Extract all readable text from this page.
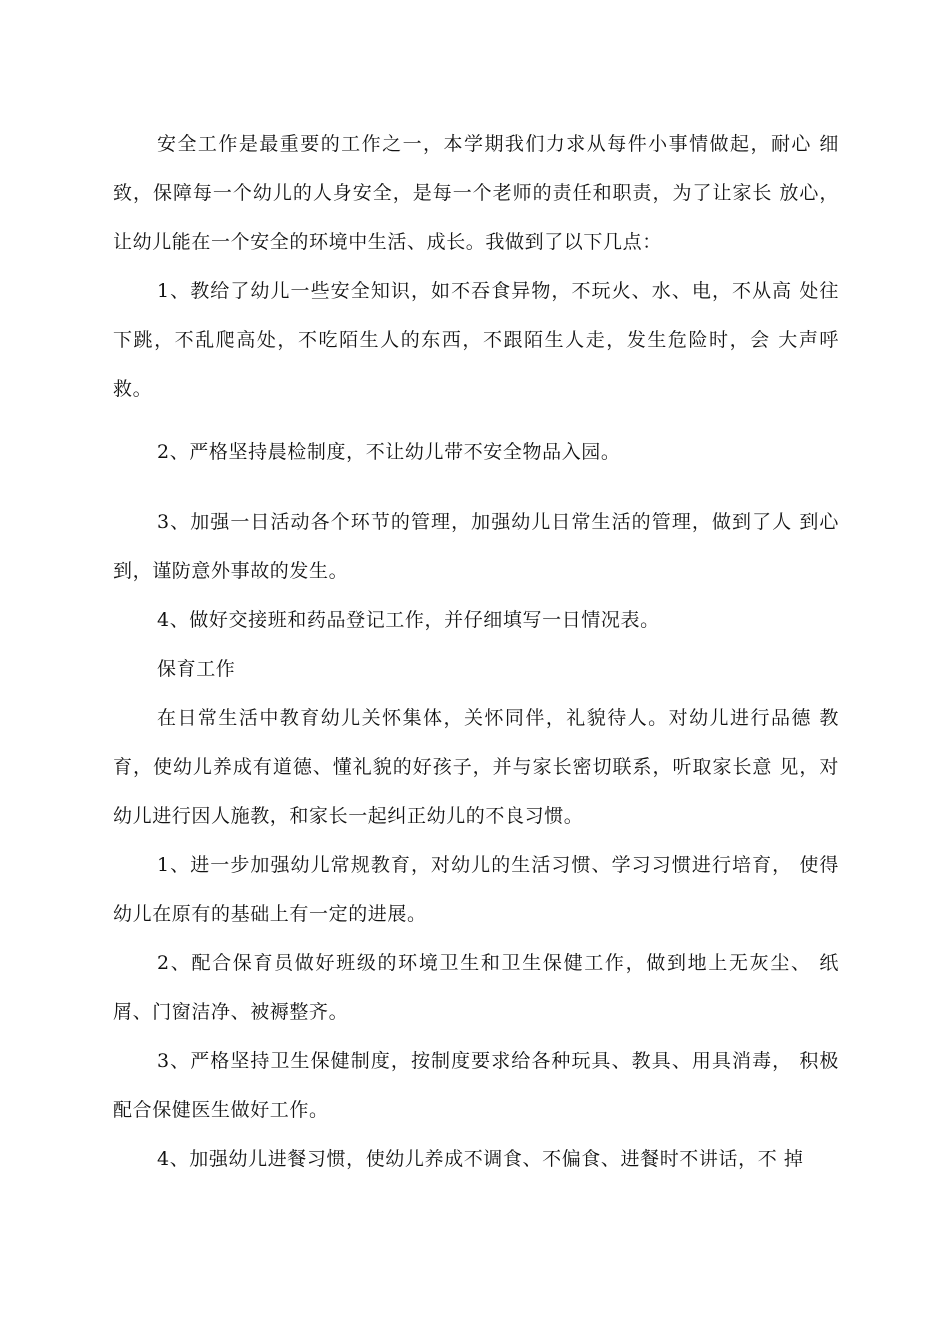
安全工作是最重要的工作之一，本学期我们力求从每件小事情做起，耐心 细致，保障每一个幼儿的人身安全，是每一个老师的责任和职责，为了让家长 放心，让幼儿能在一个安全的环境中生活、成长。我做到了以下几点：

1、教给了幼儿一些安全知识，如不吞食异物，不玩火、水、电，不从高 处往下跳，不乱爬高处，不吃陌生人的东西，不跟陌生人走，发生危险时，会 大声呼救。

2、严格坚持晨检制度，不让幼儿带不安全物品入园。

3、加强一日活动各个环节的管理，加强幼儿日常生活的管理，做到了人 到心到，谨防意外事故的发生。

4、做好交接班和药品登记工作，并仔细填写一日情况表。

保育工作

在日常生活中教育幼儿关怀集体，关怀同伴，礼貌待人。对幼儿进行品德 教育，使幼儿养成有道德、懂礼貌的好孩子，并与家长密切联系，听取家长意 见，对幼儿进行因人施教，和家长一起纠正幼儿的不良习惯。

1、进一步加强幼儿常规教育，对幼儿的生活习惯、学习习惯进行培育， 使得幼儿在原有的基础上有一定的进展。

2、配合保育员做好班级的环境卫生和卫生保健工作，做到地上无灰尘、 纸屑、门窗洁净、被褥整齐。

3、严格坚持卫生保健制度，按制度要求给各种玩具、教具、用具消毒， 积极配合保健医生做好工作。

4、加强幼儿进餐习惯，使幼儿养成不调食、不偏食、进餐时不讲话，不 掉
